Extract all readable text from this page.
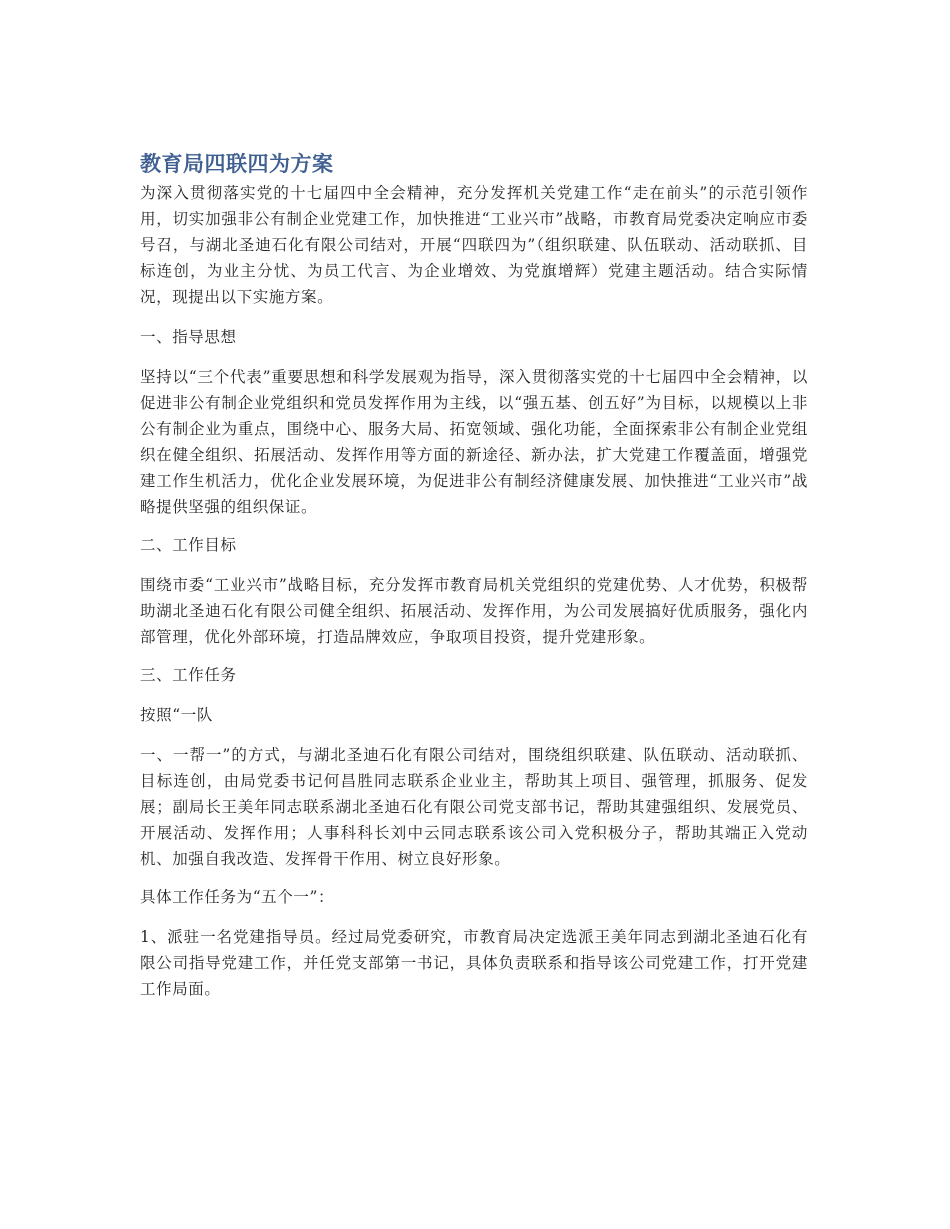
教育局四联四为方案

为深入贯彻落实党的十七届四中全会精神，充分发挥机关党建工作“走在前头”的示范引领作用，切实加强非公有制企业党建工作，加快推进“工业兴市”战略，市教育局党委决定响应市委号召，与湖北圣迪石化有限公司结对，开展“四联四为”（组织联建、队伍联动、活动联抓、目标连创，为业主分忧、为员工代言、为企业增效、为党旗增辉）党建主题活动。结合实际情况，现提出以下实施方案。

一、指导思想

坚持以“三个代表”重要思想和科学发展观为指导，深入贯彻落实党的十七届四中全会精神，以促进非公有制企业党组织和党员发挥作用为主线，以“强五基、创五好”为目标，以规模以上非公有制企业为重点，围绕中心、服务大局、拓宽领域、强化功能，全面探索非公有制企业党组织在健全组织、拓展活动、发挥作用等方面的新途径、新办法，扩大党建工作覆盖面，增强党建工作生机活力，优化企业发展环境，为促进非公有制经济健康发展、加快推进“工业兴市”战略提供坚强的组织保证。

二、工作目标

围绕市委“工业兴市”战略目标，充分发挥市教育局机关党组织的党建优势、人才优势，积极帮助湖北圣迪石化有限公司健全组织、拓展活动、发挥作用，为公司发展搞好优质服务，强化内部管理，优化外部环境，打造品牌效应，争取项目投资，提升党建形象。

三、工作任务

按照“一队

一、一帮一”的方式，与湖北圣迪石化有限公司结对，围绕组织联建、队伍联动、活动联抓、目标连创，由局党委书记何昌胜同志联系企业业主，帮助其上项目、强管理，抓服务、促发展；副局长王美年同志联系湖北圣迪石化有限公司党支部书记，帮助其建强组织、发展党员、开展活动、发挥作用；人事科科长刘中云同志联系该公司入党积极分子，帮助其端正入党动机、加强自我改造、发挥骨干作用、树立良好形象。

具体工作任务为“五个一”：

1、派驻一名党建指导员。经过局党委研究，市教育局决定选派王美年同志到湖北圣迪石化有限公司指导党建工作，并任党支部第一书记，具体负责联系和指导该公司党建工作，打开党建工作局面。
